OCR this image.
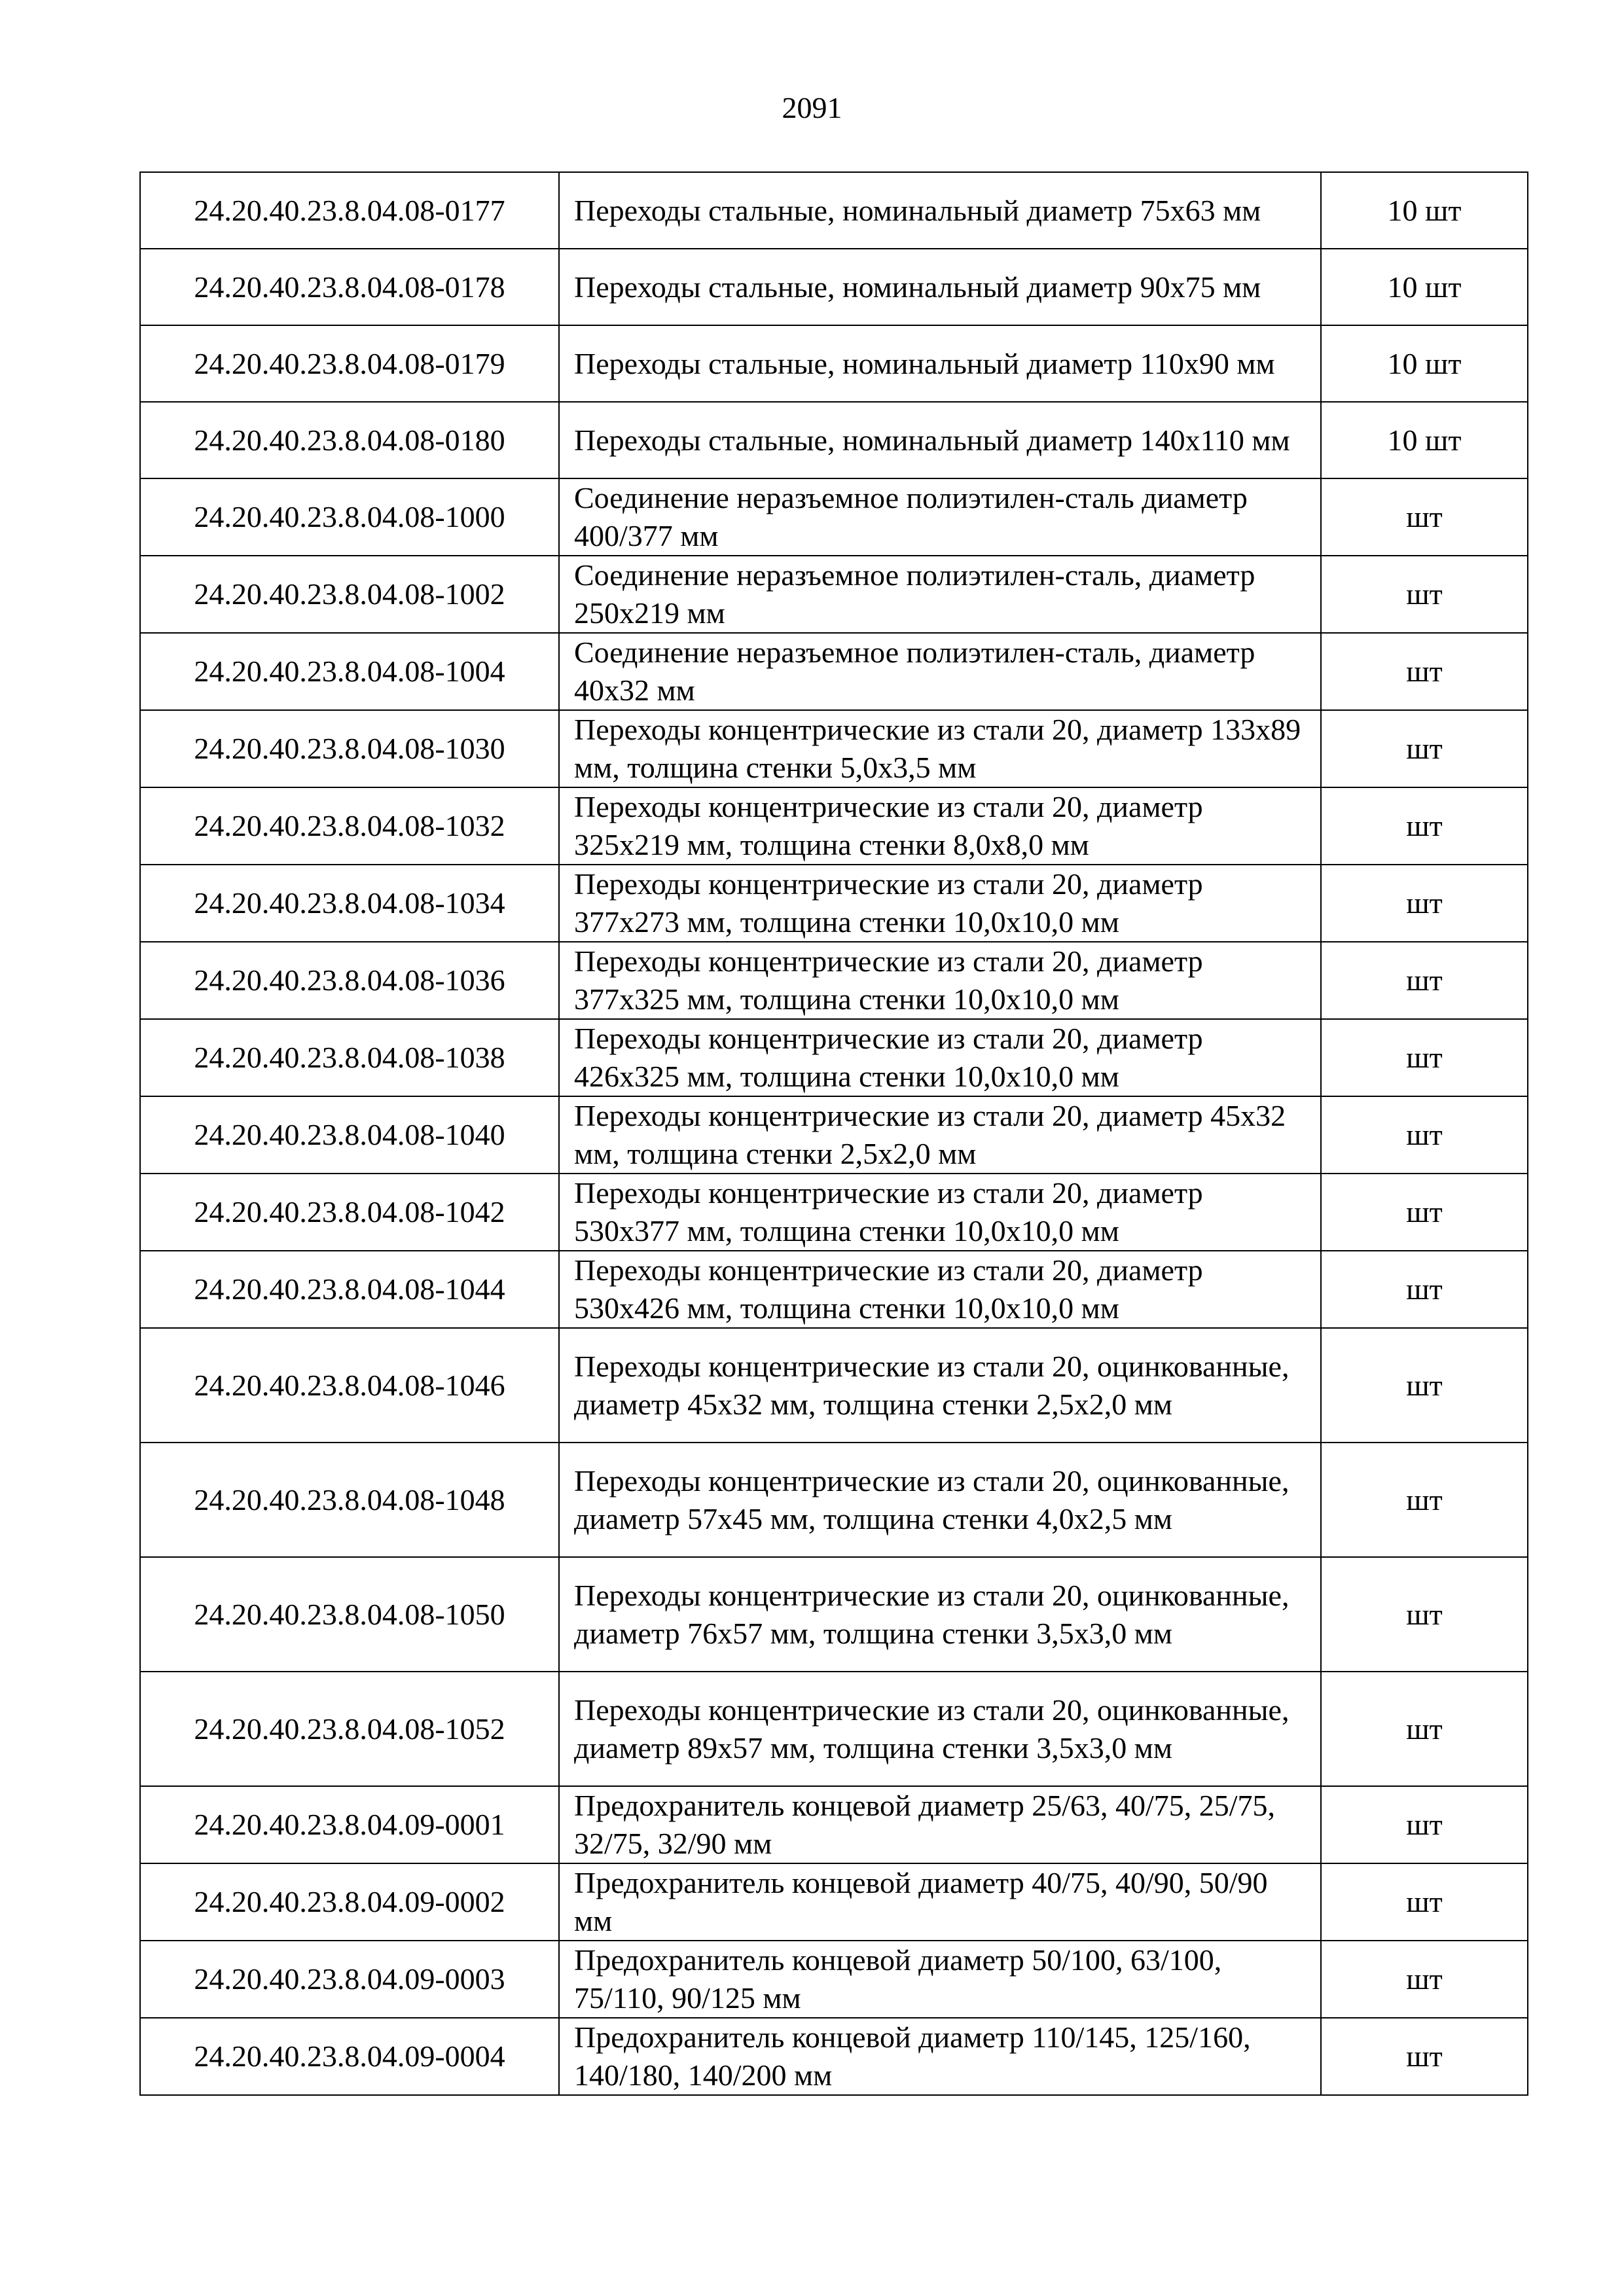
2091
24.20.40.23.8.04.08-0177	Переходы стальные, номинальный диаметр 75x63 мм	10 шт
24.20.40.23.8.04.08-0178	Переходы стальные, номинальный диаметр 90x75 мм	10 шт
24.20.40.23.8.04.08-0179	Переходы стальные, номинальный диаметр 110x90 мм	10 шт
24.20.40.23.8.04.08-0180	Переходы стальные, номинальный диаметр 140x110 мм	10 шт
24.20.40.23.8.04.08-1000	Соединение неразъемное полиэтилен-сталь диаметр 400/377 мм	шт
24.20.40.23.8.04.08-1002	Соединение неразъемное полиэтилен-сталь, диаметр 250x219 мм	шт
24.20.40.23.8.04.08-1004	Соединение неразъемное полиэтилен-сталь, диаметр 40x32 мм	шт
24.20.40.23.8.04.08-1030	Переходы концентрические из стали 20, диаметр 133x89 мм, толщина стенки 5,0x3,5 мм	шт
24.20.40.23.8.04.08-1032	Переходы концентрические из стали 20, диаметр 325x219 мм, толщина стенки 8,0x8,0 мм	шт
24.20.40.23.8.04.08-1034	Переходы концентрические из стали 20, диаметр 377x273 мм, толщина стенки 10,0x10,0 мм	шт
24.20.40.23.8.04.08-1036	Переходы концентрические из стали 20, диаметр 377x325 мм, толщина стенки 10,0x10,0 мм	шт
24.20.40.23.8.04.08-1038	Переходы концентрические из стали 20, диаметр 426x325 мм, толщина стенки 10,0x10,0 мм	шт
24.20.40.23.8.04.08-1040	Переходы концентрические из стали 20, диаметр 45x32 мм, толщина стенки 2,5x2,0 мм	шт
24.20.40.23.8.04.08-1042	Переходы концентрические из стали 20, диаметр 530x377 мм, толщина стенки 10,0x10,0 мм	шт
24.20.40.23.8.04.08-1044	Переходы концентрические из стали 20, диаметр 530x426 мм, толщина стенки 10,0x10,0 мм	шт
24.20.40.23.8.04.08-1046	Переходы концентрические из стали 20, оцинкованные, диаметр 45x32 мм, толщина стенки 2,5x2,0 мм	шт
24.20.40.23.8.04.08-1048	Переходы концентрические из стали 20, оцинкованные, диаметр 57x45 мм, толщина стенки 4,0x2,5 мм	шт
24.20.40.23.8.04.08-1050	Переходы концентрические из стали 20, оцинкованные, диаметр 76x57 мм, толщина стенки 3,5x3,0 мм	шт
24.20.40.23.8.04.08-1052	Переходы концентрические из стали 20, оцинкованные, диаметр 89x57 мм, толщина стенки 3,5x3,0 мм	шт
24.20.40.23.8.04.09-0001	Предохранитель концевой диаметр 25/63, 40/75, 25/75, 32/75, 32/90 мм	шт
24.20.40.23.8.04.09-0002	Предохранитель концевой диаметр 40/75, 40/90, 50/90 мм	шт
24.20.40.23.8.04.09-0003	Предохранитель концевой диаметр 50/100, 63/100, 75/110, 90/125 мм	шт
24.20.40.23.8.04.09-0004	Предохранитель концевой диаметр 110/145, 125/160, 140/180, 140/200 мм	шт
